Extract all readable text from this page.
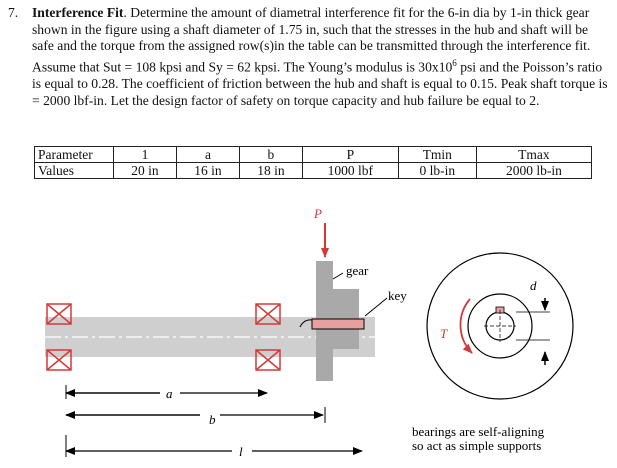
7. Interference Fit. Determine the amount of diametral interference fit for the 6-in dia by 1-in thick gear shown in the figure using a shaft diameter of 1.75 in, such that the stresses in the hub and shaft will be safe and the torque from the assigned row(s)in the table can be transmitted through the interference fit. Assume that Sut = 108 kpsi and Sy = 62 kpsi. The Young’s modulus is $30x10^6$ psi and the Poisson’s ratio is equal to 0.28. The coefficient of friction between the hub and shaft is equal to 0.15. Peak shaft torque is = 2000 lbf-in. Let the design factor of safety on torque capacity and hub failure be equal to 2.
Parameter	1	a	b	P	Tmin	Tmax
Values	20 in	16 in	18 in	1000 lbf	0 lb-in	2000 lb-in
P
gear
key
a
b
l
T
d
bearings are self-aligning
so act as simple supports
